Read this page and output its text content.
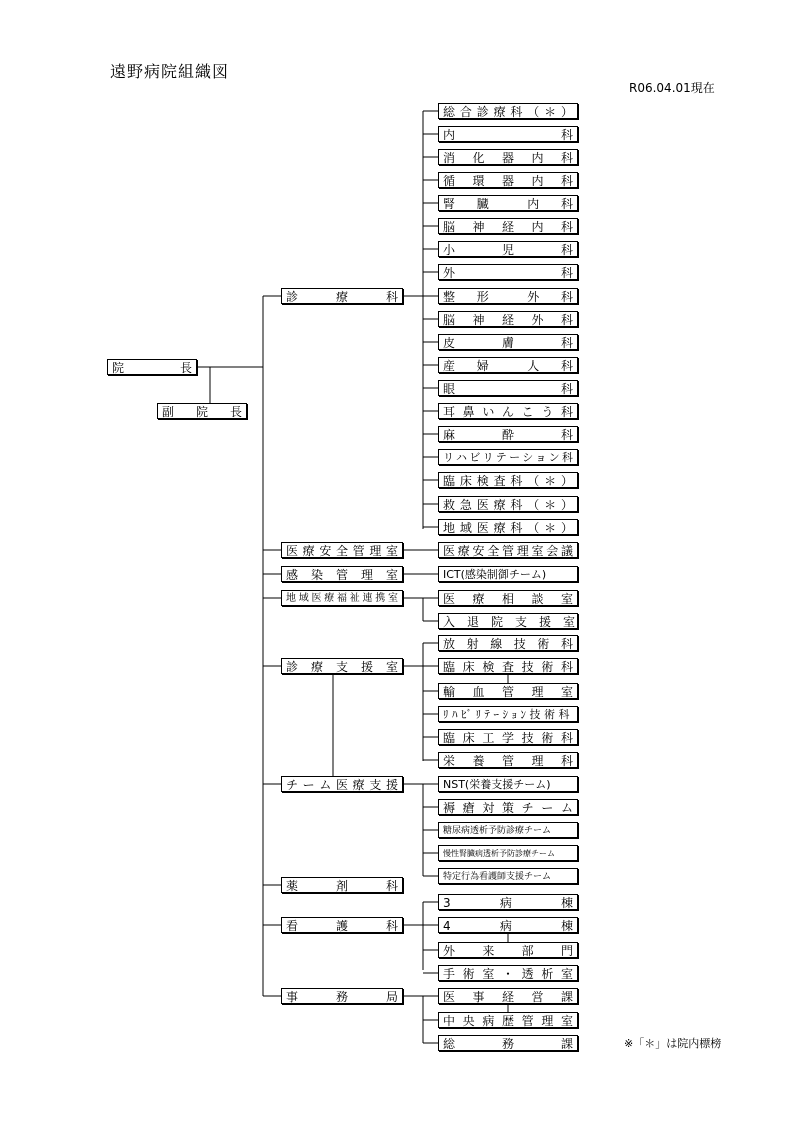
遠野病院組織図
R06.04.01現在
※「＊」は院内標榜
院　　　　長
副　院　長
診　　療　　科
医療安全管理室
感　染　管　理　室
地域医療福祉連携室
診　療　支　援　室
チーム医療支援
薬　　剤　　科
看　　護　　科
事　　務　　局
総合診療科（＊）
内　　　　　　　科
消　化　器　内　科
循　環　器　内　科
腎　臓　　内　科
脳　神　経　内　科
小　　　児　　　科
外　　　　　　　科
整　形　　外　科
脳　神　経　外　科
皮　　　膚　　　科
産　婦　　人　科
眼　　　　　　　科
耳鼻いんこう科
麻　　　酔　　　科
リハビリテーション科
臨床検査科（＊）
救急医療科（＊）
地域医療科（＊）
医療安全管理室会議
ICT(感染制御チーム)
医　療　相　談　室
入　退　院　支　援　室
放射線技術科
臨床検査技術科
輸　血　管　理　室
ﾘﾊﾋﾞﾘﾃｰｼｮﾝ技術科
臨床工学技術科
栄　養　管　理　科
NST(栄養支援チーム)
褥瘡対策チーム
糖尿病透析予防診療チーム
慢性腎臓病透析予防診療チーム
特定行為看護師支援チーム
3　　　病　　　棟
4　　　病　　　棟
外　　来　　部　　門
手術室・透析室
医　事　経　営　課
中央病歴管理室
総　　　務　　　課
